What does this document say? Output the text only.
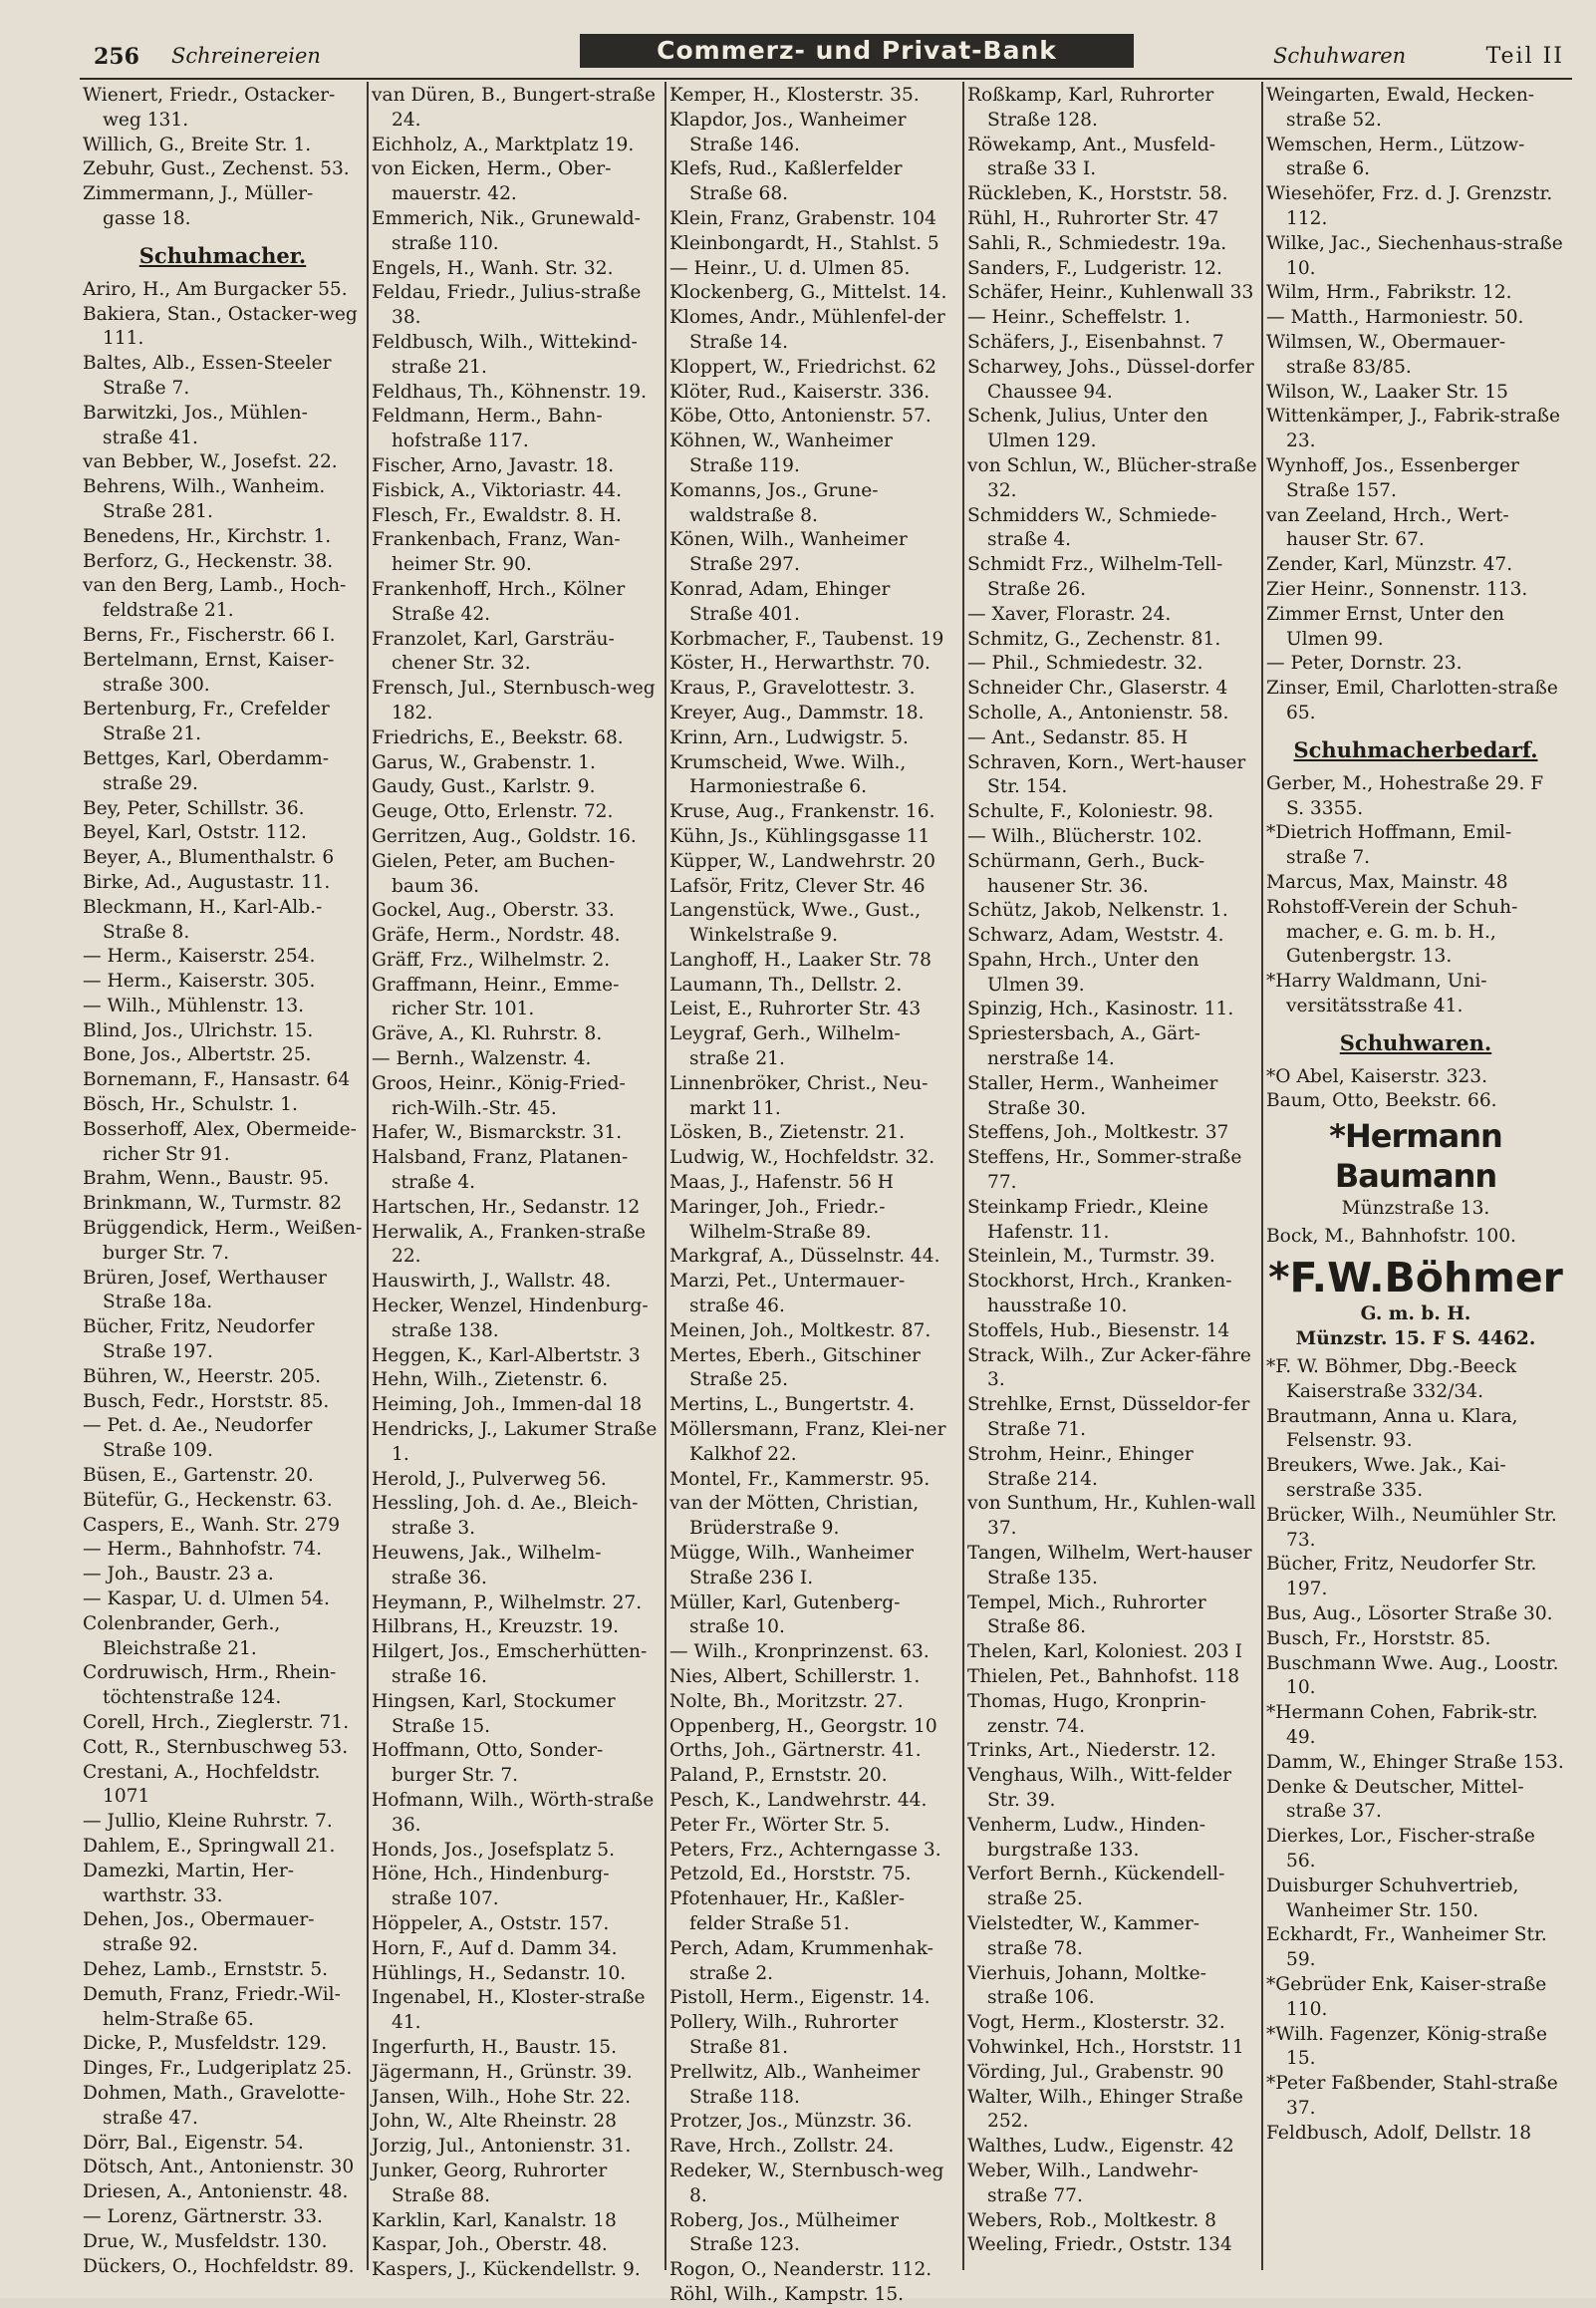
256 Schreinereien	Commerz- und Privat-Bank	Schuhwaren	Teil II
Wienert, Friedr., Ostacker-weg 131.
Willich, G., Breite Str. 1.
Zebuhr, Gust., Zechenst. 53.
Zimmermann, J., Müller-gasse 18.
Schuhmacher.
Ariro, H., Am Burgacker 55.
Bakiera, Stan., Ostacker-weg 111.
Baltes, Alb., Essen-Steeler Straße 7.
Barwitzki, Jos., Mühlen-straße 41.
van Bebber, W., Josefst. 22.
Behrens, Wilh., Wanheim. Straße 281.
Benedens, Hr., Kirchstr. 1.
Berforz, G., Heckenstr. 38.
van den Berg, Lamb., Hoch-feldstraße 21.
Berns, Fr., Fischerstr. 66 I.
Bertelmann, Ernst, Kaiser-straße 300.
Bertenburg, Fr., Crefelder Straße 21.
Bettges, Karl, Oberdamm-straße 29.
Bey, Peter, Schillstr. 36.
Beyel, Karl, Oststr. 112.
Beyer, A., Blumenthalstr. 6
Birke, Ad., Augustastr. 11.
Bleckmann, H., Karl-Alb.-Straße 8.
— Herm., Kaiserstr. 254.
— Herm., Kaiserstr. 305.
— Wilh., Mühlenstr. 13.
Blind, Jos., Ulrichstr. 15.
Bone, Jos., Albertstr. 25.
Bornemann, F., Hansastr. 64
Bösch, Hr., Schulstr. 1.
Bosserhoff, Alex, Obermeide-richer Str 91.
Brahm, Wenn., Baustr. 95.
Brinkmann, W., Turmstr. 82
Brüggendick, Herm., Weißen-burger Str. 7.
Brüren, Josef, Werthauser Straße 18a.
Bücher, Fritz, Neudorfer Straße 197.
Bühren, W., Heerstr. 205.
Busch, Fedr., Horststr. 85.
— Pet. d. Ae., Neudorfer Straße 109.
Büsen, E., Gartenstr. 20.
Bütefür, G., Heckenstr. 63.
Caspers, E., Wanh. Str. 279
— Herm., Bahnhofstr. 74.
— Joh., Baustr. 23 a.
— Kaspar, U. d. Ulmen 54.
Colenbrander, Gerh., Bleichstraße 21.
Cordruwisch, Hrm., Rhein-töchtenstraße 124.
Corell, Hrch., Zieglerstr. 71.
Cott, R., Sternbuschweg 53.
Crestani, A., Hochfeldstr. 1071
— Jullio, Kleine Ruhrstr. 7.
Dahlem, E., Springwall 21.
Damezki, Martin, Her-warthstr. 33.
Dehen, Jos., Obermauer-straße 92.
Dehez, Lamb., Ernststr. 5.
Demuth, Franz, Friedr.-Wil-helm-Straße 65.
Dicke, P., Musfeldstr. 129.
Dinges, Fr., Ludgeriplatz 25.
Dohmen, Math., Gravelotte-straße 47.
Dörr, Bal., Eigenstr. 54.
Dötsch, Ant., Antonienstr. 30
Driesen, A., Antonienstr. 48.
— Lorenz, Gärtnerstr. 33.
Drue, W., Musfeldstr. 130.
Dückers, O., Hochfeldstr. 89.
van Düren, B., Bungert-straße 24.
Eichholz, A., Marktplatz 19.
von Eicken, Herm., Ober-mauerstr. 42.
Emmerich, Nik., Grunewald-straße 110.
Engels, H., Wanh. Str. 32.
Feldau, Friedr., Julius-straße 38.
Feldbusch, Wilh., Wittekind-straße 21.
Feldhaus, Th., Köhnenstr. 19.
Feldmann, Herm., Bahn-hofstraße 117.
Fischer, Arno, Javastr. 18.
Fisbick, A., Viktoriastr. 44.
Flesch, Fr., Ewaldstr. 8. H.
Frankenbach, Franz, Wan-heimer Str. 90.
Frankenhoff, Hrch., Kölner Straße 42.
Franzolet, Karl, Garsträu-chener Str. 32.
Frensch, Jul., Sternbusch-weg 182.
Friedrichs, E., Beekstr. 68.
Garus, W., Grabenstr. 1.
Gaudy, Gust., Karlstr. 9.
Geuge, Otto, Erlenstr. 72.
Gerritzen, Aug., Goldstr. 16.
Gielen, Peter, am Buchen-baum 36.
Gockel, Aug., Oberstr. 33.
Gräfe, Herm., Nordstr. 48.
Gräff, Frz., Wilhelmstr. 2.
Graffmann, Heinr., Emme-richer Str. 101.
Gräve, A., Kl. Ruhrstr. 8.
— Bernh., Walzenstr. 4.
Groos, Heinr., König-Fried-rich-Wilh.-Str. 45.
Hafer, W., Bismarckstr. 31.
Halsband, Franz, Platanen-straße 4.
Hartschen, Hr., Sedanstr. 12
Herwalik, A., Franken-straße 22.
Hauswirth, J., Wallstr. 48.
Hecker, Wenzel, Hindenburg-straße 138.
Heggen, K., Karl-Albertstr. 3
Hehn, Wilh., Zietenstr. 6.
Heiming, Joh., Immen-dal 18
Hendricks, J., Lakumer Straße 1.
Herold, J., Pulverweg 56.
Hessling, Joh. d. Ae., Bleich-straße 3.
Heuwens, Jak., Wilhelm-straße 36.
Heymann, P., Wilhelmstr. 27.
Hilbrans, H., Kreuzstr. 19.
Hilgert, Jos., Emscherhütten-straße 16.
Hingsen, Karl, Stockumer Straße 15.
Hoffmann, Otto, Sonder-burger Str. 7.
Hofmann, Wilh., Wörth-straße 36.
Honds, Jos., Josefsplatz 5.
Höne, Hch., Hindenburg-straße 107.
Höppeler, A., Oststr. 157.
Horn, F., Auf d. Damm 34.
Hühlings, H., Sedanstr. 10.
Ingenabel, H., Kloster-straße 41.
Ingerfurth, H., Baustr. 15.
Jägermann, H., Grünstr. 39.
Jansen, Wilh., Hohe Str. 22.
John, W., Alte Rheinstr. 28
Jorzig, Jul., Antonienstr. 31.
Junker, Georg, Ruhrorter Straße 88.
Karklin, Karl, Kanalstr. 18
Kaspar, Joh., Oberstr. 48.
Kaspers, J., Kückendellstr. 9.
Kemper, H., Klosterstr. 35.
Klapdor, Jos., Wanheimer Straße 146.
Klefs, Rud., Kaßlerfelder Straße 68.
Klein, Franz, Grabenstr. 104
Kleinbongardt, H., Stahlst. 5
— Heinr., U. d. Ulmen 85.
Klockenberg, G., Mittelst. 14.
Klomes, Andr., Mühlenfel-der Straße 14.
Kloppert, W., Friedrichst. 62
Klöter, Rud., Kaiserstr. 336.
Köbe, Otto, Antonienstr. 57.
Köhnen, W., Wanheimer Straße 119.
Komanns, Jos., Grune-waldstraße 8.
Könen, Wilh., Wanheimer Straße 297.
Konrad, Adam, Ehinger Straße 401.
Korbmacher, F., Taubenst. 19
Köster, H., Herwarthstr. 70.
Kraus, P., Gravelottestr. 3.
Kreyer, Aug., Dammstr. 18.
Krinn, Arn., Ludwigstr. 5.
Krumscheid, Wwe. Wilh., Harmoniestraße 6.
Kruse, Aug., Frankenstr. 16.
Kühn, Js., Kühlingsgasse 11
Küpper, W., Landwehrstr. 20
Lafsör, Fritz, Clever Str. 46
Langenstück, Wwe., Gust., Winkelstraße 9.
Langhoff, H., Laaker Str. 78
Laumann, Th., Dellstr. 2.
Leist, E., Ruhrorter Str. 43
Leygraf, Gerh., Wilhelm-straße 21.
Linnenbröker, Christ., Neu-markt 11.
Lösken, B., Zietenstr. 21.
Ludwig, W., Hochfeldstr. 32.
Maas, J., Hafenstr. 56 H
Maringer, Joh., Friedr.-Wilhelm-Straße 89.
Markgraf, A., Düsselnstr. 44.
Marzi, Pet., Untermauer-straße 46.
Meinen, Joh., Moltkestr. 87.
Mertes, Eberh., Gitschiner Straße 25.
Mertins, L., Bungertstr. 4.
Möllersmann, Franz, Klei-ner Kalkhof 22.
Montel, Fr., Kammerstr. 95.
van der Mötten, Christian, Brüderstraße 9.
Mügge, Wilh., Wanheimer Straße 236 I.
Müller, Karl, Gutenberg-straße 10.
— Wilh., Kronprinzenst. 63.
Nies, Albert, Schillerstr. 1.
Nolte, Bh., Moritzstr. 27.
Oppenberg, H., Georgstr. 10
Orths, Joh., Gärtnerstr. 41.
Paland, P., Ernststr. 20.
Pesch, K., Landwehrstr. 44.
Peter Fr., Wörter Str. 5.
Peters, Frz., Achterngasse 3.
Petzold, Ed., Horststr. 75.
Pfotenhauer, Hr., Kaßler-felder Straße 51.
Perch, Adam, Krummenhak-straße 2.
Pistoll, Herm., Eigenstr. 14.
Pollery, Wilh., Ruhrorter Straße 81.
Prellwitz, Alb., Wanheimer Straße 118.
Protzer, Jos., Münzstr. 36.
Rave, Hrch., Zollstr. 24.
Redeker, W., Sternbusch-weg 8.
Roberg, Jos., Mülheimer Straße 123.
Rogon, O., Neanderstr. 112.
Röhl, Wilh., Kampstr. 15.
Roßkamp, Karl, Ruhrorter Straße 128.
Röwekamp, Ant., Musfeld-straße 33 I.
Rückleben, K., Horststr. 58.
Rühl, H., Ruhrorter Str. 47
Sahli, R., Schmiedestr. 19a.
Sanders, F., Ludgeristr. 12.
Schäfer, Heinr., Kuhlenwall 33
— Heinr., Scheffelstr. 1.
Schäfers, J., Eisenbahnst. 7
Scharwey, Johs., Düssel-dorfer Chaussee 94.
Schenk, Julius, Unter den Ulmen 129.
von Schlun, W., Blücher-straße 32.
Schmidders W., Schmiede-straße 4.
Schmidt Frz., Wilhelm-Tell-Straße 26.
— Xaver, Florastr. 24.
Schmitz, G., Zechenstr. 81.
— Phil., Schmiedestr. 32.
Schneider Chr., Glaserstr. 4
Scholle, A., Antonienstr. 58.
— Ant., Sedanstr. 85. H
Schraven, Korn., Wert-hauser Str. 154.
Schulte, F., Koloniestr. 98.
— Wilh., Blücherstr. 102.
Schürmann, Gerh., Buck-hausener Str. 36.
Schütz, Jakob, Nelkenstr. 1.
Schwarz, Adam, Weststr. 4.
Spahn, Hrch., Unter den Ulmen 39.
Spinzig, Hch., Kasinostr. 11.
Spriestersbach, A., Gärt-nerstraße 14.
Staller, Herm., Wanheimer Straße 30.
Steffens, Joh., Moltkestr. 37
Steffens, Hr., Sommer-straße 77.
Steinkamp Friedr., Kleine Hafenstr. 11.
Steinlein, M., Turmstr. 39.
Stockhorst, Hrch., Kranken-hausstraße 10.
Stoffels, Hub., Biesenstr. 14
Strack, Wilh., Zur Acker-fähre 3.
Strehlke, Ernst, Düsseldor-fer Straße 71.
Strohm, Heinr., Ehinger Straße 214.
von Sunthum, Hr., Kuhlen-wall 37.
Tangen, Wilhelm, Wert-hauser Straße 135.
Tempel, Mich., Ruhrorter Straße 86.
Thelen, Karl, Koloniest. 203 I
Thielen, Pet., Bahnhofst. 118
Thomas, Hugo, Kronprin-zenstr. 74.
Trinks, Art., Niederstr. 12.
Venghaus, Wilh., Witt-felder Str. 39.
Venherm, Ludw., Hinden-burgstraße 133.
Verfort Bernh., Kückendell-straße 25.
Vielstedter, W., Kammer-straße 78.
Vierhuis, Johann, Moltke-straße 106.
Vogt, Herm., Klosterstr. 32.
Vohwinkel, Hch., Horststr. 11
Vörding, Jul., Grabenstr. 90
Walter, Wilh., Ehinger Straße 252.
Walthes, Ludw., Eigenstr. 42
Weber, Wilh., Landwehr-straße 77.
Webers, Rob., Moltkestr. 8
Weeling, Friedr., Oststr. 134
Weingarten, Ewald, Hecken-straße 52.
Wemschen, Herm., Lützow-straße 6.
Wiesehöfer, Frz. d. J. Grenzstr. 112.
Wilke, Jac., Siechenhaus-straße 10.
Wilm, Hrm., Fabrikstr. 12.
— Matth., Harmoniestr. 50.
Wilmsen, W., Obermauer-straße 83/85.
Wilson, W., Laaker Str. 15
Wittenkämper, J., Fabrik-straße 23.
Wynhoff, Jos., Essenberger Straße 157.
van Zeeland, Hrch., Wert-hauser Str. 67.
Zender, Karl, Münzstr. 47.
Zier Heinr., Sonnenstr. 113.
Zimmer Ernst, Unter den Ulmen 99.
— Peter, Dornstr. 23.
Zinser, Emil, Charlotten-straße 65.
Schuhmacherbedarf.
Gerber, M., Hohestraße 29. F S. 3355.
*Dietrich Hoffmann, Emil-straße 7.
Marcus, Max, Mainstr. 48
Rohstoff-Verein der Schuh-macher, e. G. m. b. H., Gutenbergstr. 13.
*Harry Waldmann, Uni-versitätsstraße 41.
Schuhwaren.
*O Abel, Kaiserstr. 323.
Baum, Otto, Beekstr. 66.
*Hermann Baumann
Münzstraße 13.
Bock, M., Bahnhofstr. 100.
*F.W.Böhmer
G. m. b. H.
Münzstr. 15. F S. 4462.
*F. W. Böhmer, Dbg.-Beeck Kaiserstraße 332/34.
Brautmann, Anna u. Klara, Felsenstr. 93.
Breukers, Wwe. Jak., Kai-serstraße 335.
Brücker, Wilh., Neumühler Str. 73.
Bücher, Fritz, Neudorfer Str. 197.
Bus, Aug., Lösorter Straße 30.
Busch, Fr., Horststr. 85.
Buschmann Wwe. Aug., Loostr. 10.
*Hermann Cohen, Fabrik-str. 49.
Damm, W., Ehinger Straße 153.
Denke & Deutscher, Mittel-straße 37.
Dierkes, Lor., Fischer-straße 56.
Duisburger Schuhvertrieb, Wanheimer Str. 150.
Eckhardt, Fr., Wanheimer Str. 59.
*Gebrüder Enk, Kaiser-straße 110.
*Wilh. Fagenzer, König-straße 15.
*Peter Faßbender, Stahl-straße 37.
Feldbusch, Adolf, Dellstr. 18
